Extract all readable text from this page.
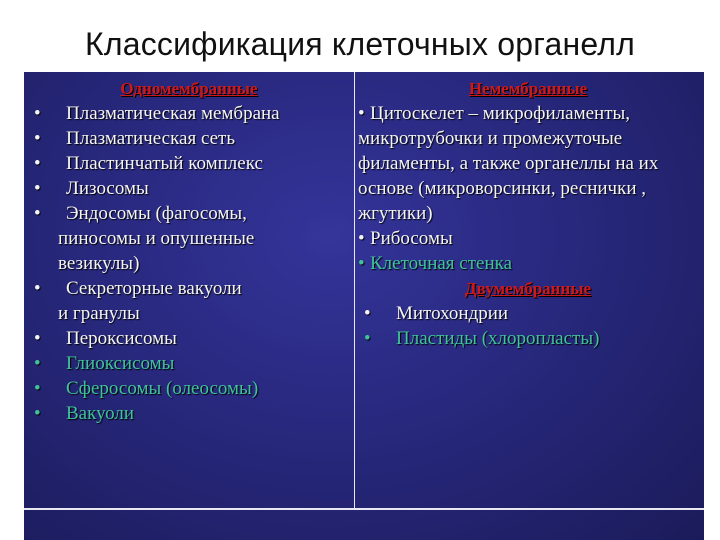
Классификация клеточных органелл
Одномембранные
• Плазматическая мембрана
• Плазматическая сеть
• Пластинчатый комплекс
• Лизосомы
• Эндосомы (фагосомы,
пиносомы и опушенные везикулы)
• Секреторные вакуоли
и гранулы
• Пероксисомы
• Глиоксисомы
• Сферосомы (олеосомы)
• Вакуоли
Немембранные
• Цитоскелет – микрофиламенты, микротрубочки и промежуточые филаменты, а также органеллы на их основе (микроворсинки, реснички , жгутики)
• Рибосомы
• Клеточная стенка
Двумембранные
• Митохондрии
• Пластиды (хлоропласты)
